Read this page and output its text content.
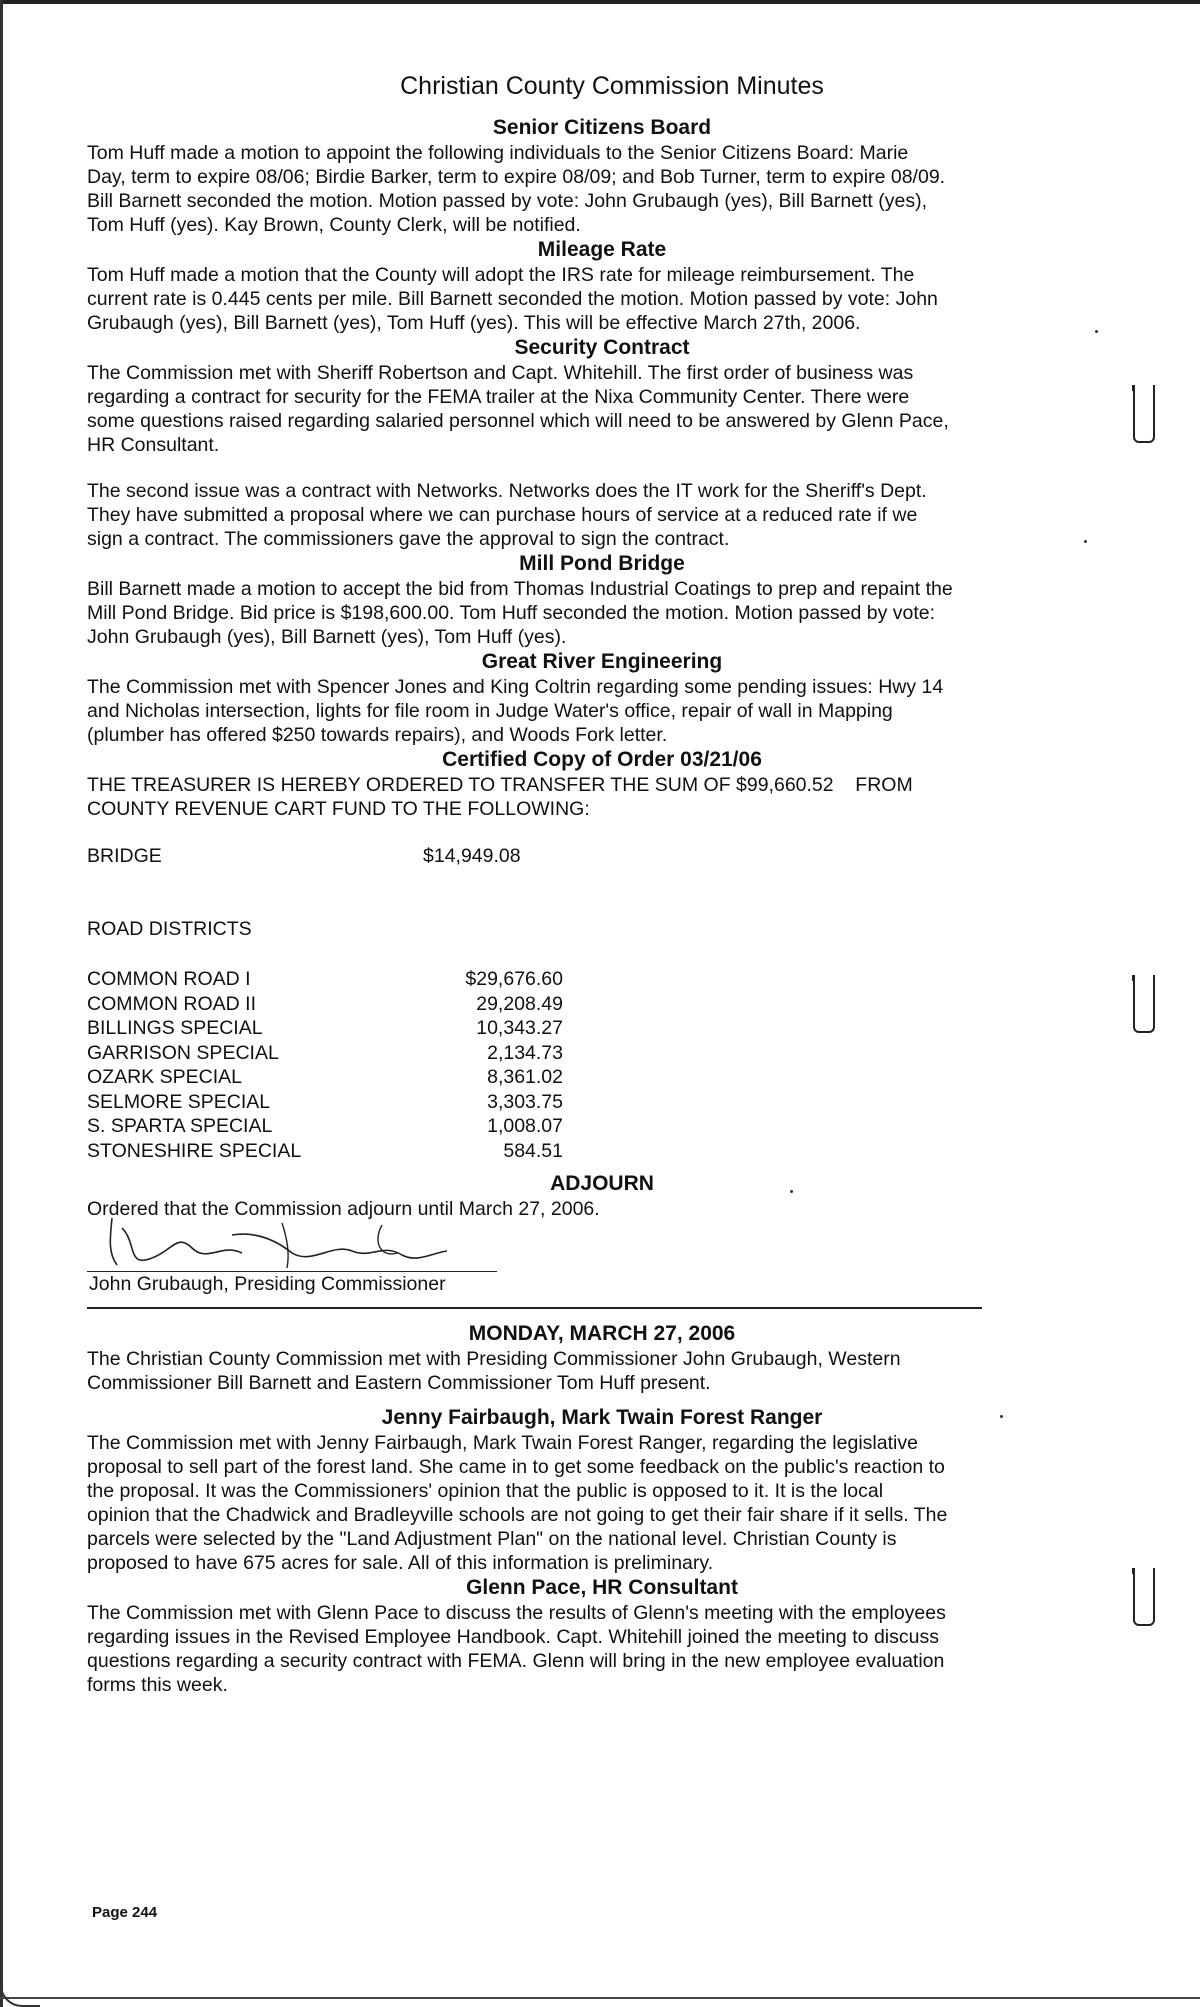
Christian County Commission Minutes
Senior Citizens Board

Tom Huff made a motion to appoint the following individuals to the Senior Citizens Board: Marie

Day, term to expire 08/06; Birdie Barker, term to expire 08/09; and Bob Turner, term to expire 08/09.

Bill Barnett seconded the motion. Motion passed by vote: John Grubaugh (yes), Bill Barnett (yes),

Tom Huff (yes). Kay Brown, County Clerk, will be notified.

Mileage Rate

Tom Huff made a motion that the County will adopt the IRS rate for mileage reimbursement. The

current rate is 0.445 cents per mile. Bill Barnett seconded the motion. Motion passed by vote: John

Grubaugh (yes), Bill Barnett (yes), Tom Huff (yes). This will be effective March 27th, 2006.

Security Contract

The Commission met with Sheriff Robertson and Capt. Whitehill. The first order of business was

regarding a contract for security for the FEMA trailer at the Nixa Community Center. There were

some questions raised regarding salaried personnel which will need to be answered by Glenn Pace,

HR Consultant.

The second issue was a contract with Networks. Networks does the IT work for the Sheriff's Dept.

They have submitted a proposal where we can purchase hours of service at a reduced rate if we

sign a contract. The commissioners gave the approval to sign the contract.

Mill Pond Bridge

Bill Barnett made a motion to accept the bid from Thomas Industrial Coatings to prep and repaint the

Mill Pond Bridge. Bid price is $198,600.00. Tom Huff seconded the motion. Motion passed by vote:

John Grubaugh (yes), Bill Barnett (yes), Tom Huff (yes).

Great River Engineering

The Commission met with Spencer Jones and King Coltrin regarding some pending issues: Hwy 14

and Nicholas intersection, lights for file room in Judge Water's office, repair of wall in Mapping

(plumber has offered $250 towards repairs), and Woods Fork letter.

Certified Copy of Order 03/21/06

THE TREASURER IS HEREBY ORDERED TO TRANSFER THE SUM OF $99,660.52    FROM

COUNTY REVENUE CART FUND TO THE FOLLOWING:

BRIDGE	$14,949.08
ROAD DISTRICTS
COMMON ROAD I	$29,676.60
COMMON ROAD II	29,208.49
BILLINGS SPECIAL	10,343.27
GARRISON SPECIAL	2,134.73
OZARK SPECIAL	8,361.02
SELMORE SPECIAL	3,303.75
S. SPARTA SPECIAL	1,008.07
STONESHIRE SPECIAL	584.51
ADJOURN

Ordered that the Commission adjourn until March 27, 2006.

John Grubaugh, Presiding Commissioner
MONDAY, MARCH 27, 2006

The Christian County Commission met with Presiding Commissioner John Grubaugh, Western

Commissioner Bill Barnett and Eastern Commissioner Tom Huff present.

Jenny Fairbaugh, Mark Twain Forest Ranger

The Commission met with Jenny Fairbaugh, Mark Twain Forest Ranger, regarding the legislative

proposal to sell part of the forest land. She came in to get some feedback on the public's reaction to

the proposal. It was the Commissioners' opinion that the public is opposed to it. It is the local

opinion that the Chadwick and Bradleyville schools are not going to get their fair share if it sells. The

parcels were selected by the "Land Adjustment Plan" on the national level. Christian County is

proposed to have 675 acres for sale. All of this information is preliminary.

Glenn Pace, HR Consultant

The Commission met with Glenn Pace to discuss the results of Glenn's meeting with the employees

regarding issues in the Revised Employee Handbook. Capt. Whitehill joined the meeting to discuss

questions regarding a security contract with FEMA. Glenn will bring in the new employee evaluation

forms this week.

Page 244
